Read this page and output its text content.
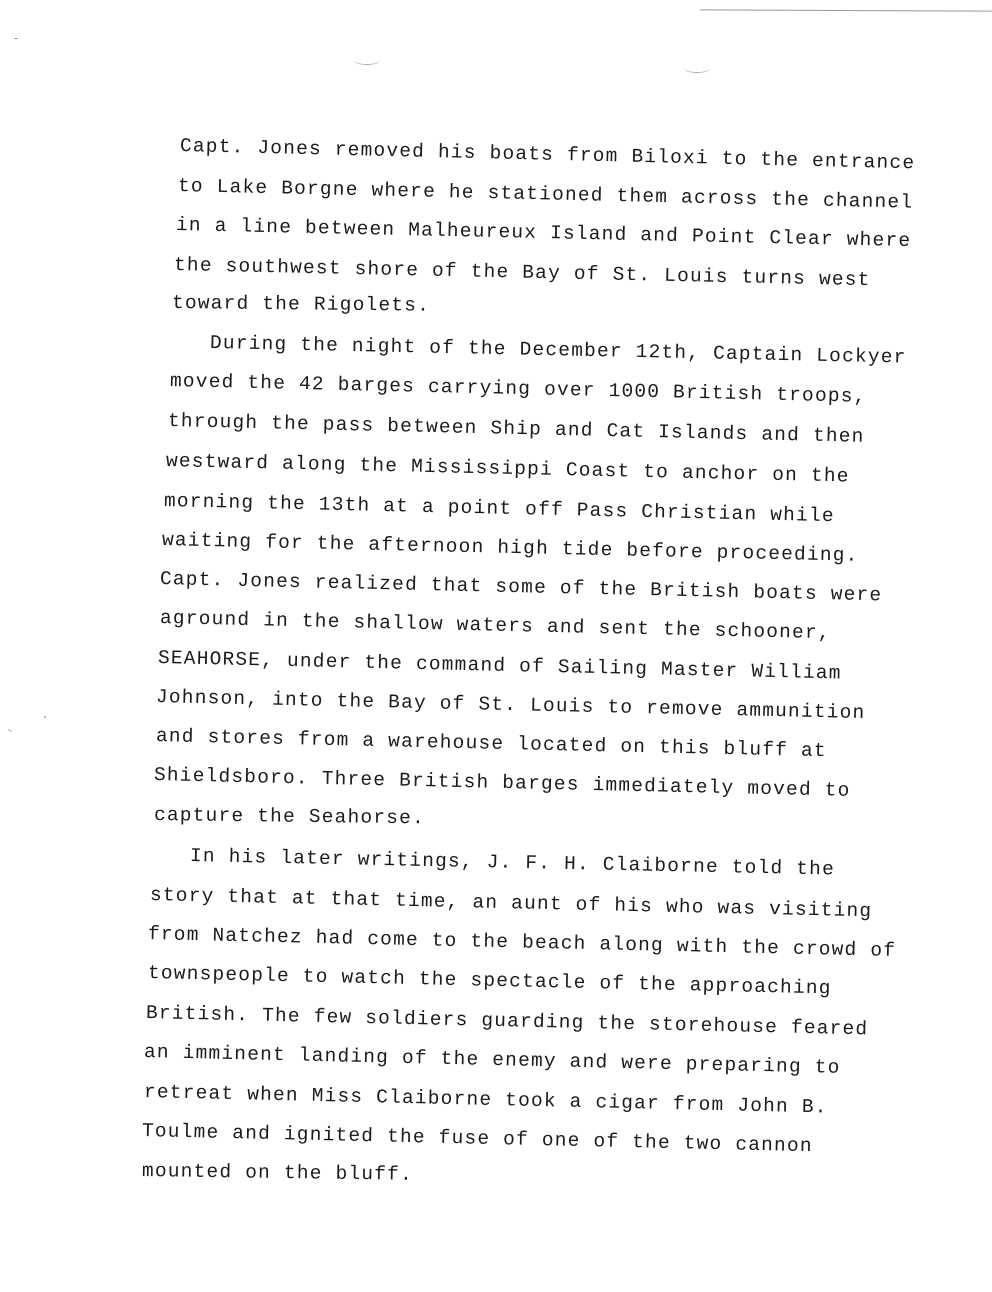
Capt. Jones removed his boats from Biloxi to the entrance
to Lake Borgne where he stationed them across the channel
in a line between Malheureux Island and Point Clear where
the southwest shore of the Bay of St. Louis turns west
toward the Rigolets.
During the night of the December 12th, Captain Lockyer
moved the 42 barges carrying over 1000 British troops,
through the pass between Ship and Cat Islands and then
westward along the Mississippi Coast to anchor on the
morning the 13th at a point off Pass Christian while
waiting for the afternoon high tide before proceeding.
Capt. Jones realized that some of the British boats were
aground in the shallow waters and sent the schooner,
SEAHORSE, under the command of Sailing Master William
Johnson, into the Bay of St. Louis to remove ammunition
and stores from a warehouse located on this bluff at
Shieldsboro. Three British barges immediately moved to
capture the Seahorse.
In his later writings, J. F. H. Claiborne told the
story that at that time, an aunt of his who was visiting
from Natchez had come to the beach along with the crowd of
townspeople to watch the spectacle of the approaching
British. The few soldiers guarding the storehouse feared
an imminent landing of the enemy and were preparing to
retreat when Miss Claiborne took a cigar from John B.
Toulme and ignited the fuse of one of the two cannon
mounted on the bluff.
